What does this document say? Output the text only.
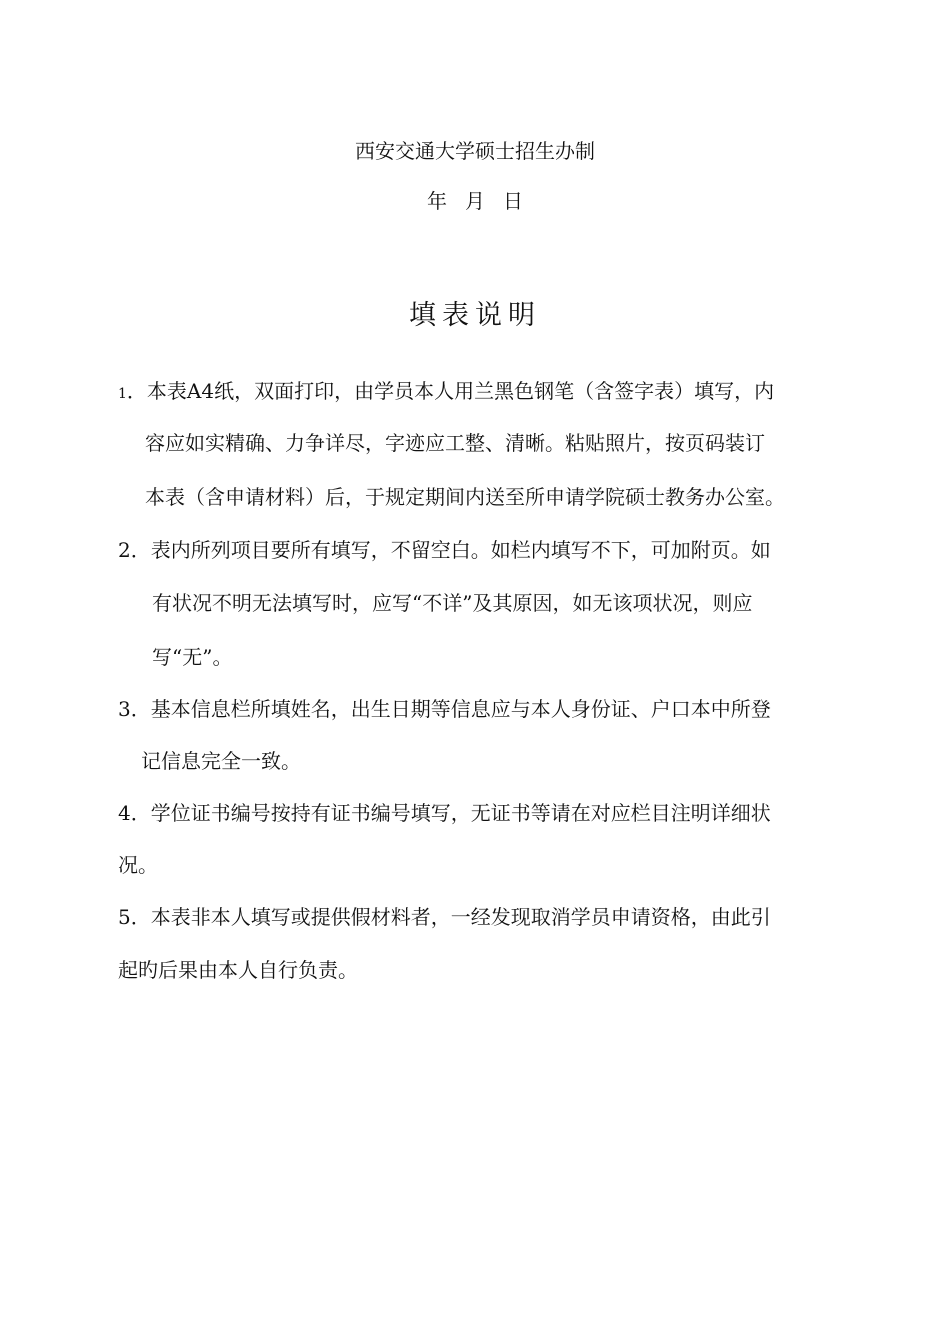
西安交通大学硕士招生办制
年 月 日
填表说明
1．本表A4纸，双面打印，由学员本人用兰黑色钢笔（含签字表）填写，内
容应如实精确、力争详尽，字迹应工整、清晰。粘贴照片，按页码装订
本表（含申请材料）后，于规定期间内送至所申请学院硕士教务办公室。
2．表内所列项目要所有填写，不留空白。如栏内填写不下，可加附页。如
有状况不明无法填写时，应写“不详”及其原因，如无该项状况，则应
写“无”。
3．基本信息栏所填姓名，出生日期等信息应与本人身份证、户口本中所登
记信息完全一致。
4．学位证书编号按持有证书编号填写，无证书等请在对应栏目注明详细状
况。
5．本表非本人填写或提供假材料者，一经发现取消学员申请资格，由此引
起旳后果由本人自行负责。
